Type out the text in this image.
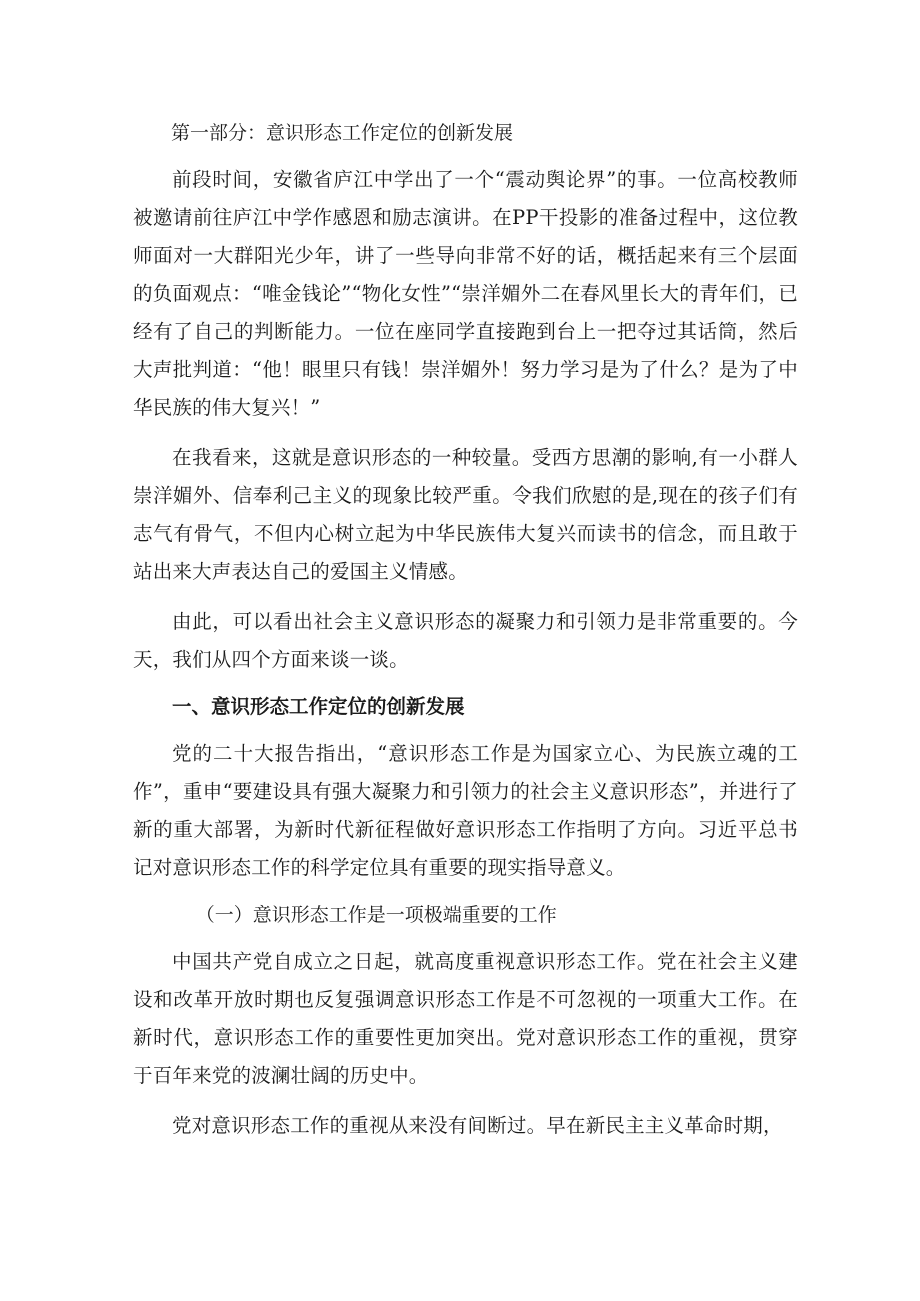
第一部分：意识形态工作定位的创新发展

前段时间，安徽省庐江中学出了一个“震动舆论界”的事。一位高校教师被邀请前往庐江中学作感恩和励志演讲。在PP干投影的准备过程中，这位教师面对一大群阳光少年，讲了一些导向非常不好的话，概括起来有三个层面的负面观点：“唯金钱论”“物化女性”“崇洋媚外二在春风里长大的青年们，已经有了自己的判断能力。一位在座同学直接跑到台上一把夺过其话筒，然后大声批判道：“他！眼里只有钱！崇洋媚外！努力学习是为了什么？是为了中华民族的伟大复兴！”

在我看来，这就是意识形态的一种较量。受西方思潮的影响,有一小群人崇洋媚外、信奉利己主义的现象比较严重。令我们欣慰的是,现在的孩子们有志气有骨气，不但内心树立起为中华民族伟大复兴而读书的信念，而且敢于站出来大声表达自己的爱国主义情感。

由此，可以看出社会主义意识形态的凝聚力和引领力是非常重要的。今天，我们从四个方面来谈一谈。

一、意识形态工作定位的创新发展

党的二十大报告指出，“意识形态工作是为国家立心、为民族立魂的工作”，重申“要建设具有强大凝聚力和引领力的社会主义意识形态”，并进行了新的重大部署，为新时代新征程做好意识形态工作指明了方向。习近平总书记对意识形态工作的科学定位具有重要的现实指导意义。

（一）意识形态工作是一项极端重要的工作

中国共产党自成立之日起，就高度重视意识形态工作。党在社会主义建设和改革开放时期也反复强调意识形态工作是不可忽视的一项重大工作。在新时代，意识形态工作的重要性更加突出。党对意识形态工作的重视，贯穿于百年来党的波澜壮阔的历史中。

党对意识形态工作的重视从来没有间断过。早在新民主主义革命时期，
